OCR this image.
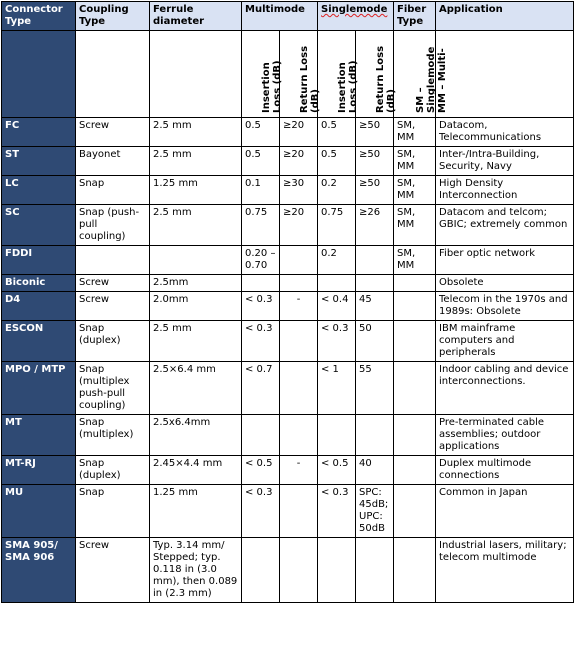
Connector Type	Coupling Type	Ferrule diameter	Multimode		Singlemode		Fiber Type	Application

			Insertion Loss (dB)	Return Loss (dB)	Insertion Loss (dB)	Return Loss (dB)	SM – Singlemode MM – Multi-	

FC	Screw	2.5 mm	0.5	≥20	0.5	≥50	SM, MM	Datacom, Telecommunications
ST	Bayonet	2.5 mm	0.5	≥20	0.5	≥50	SM, MM	Inter-/Intra-Building, Security, Navy
LC	Snap	1.25 mm	0.1	≥30	0.2	≥50	SM, MM	High Density Interconnection
SC	Snap (push-pull coupling)	2.5 mm	0.75	≥20	0.75	≥26	SM, MM	Datacom and telcom; GBIC; extremely common
FDDI			0.20 – 0.70		0.2		SM, MM	Fiber optic network
Biconic	Screw	2.5mm						Obsolete
D4	Screw	2.0mm	< 0.3	-	< 0.4	45		Telecom in the 1970s and 1989s: Obsolete
ESCON	Snap (duplex)	2.5 mm	< 0.3		< 0.3	50		IBM mainframe computers and peripherals
MPO / MTP	Snap (multiplex push-pull coupling)	2.5×6.4 mm	< 0.7		< 1	55		Indoor cabling and device interconnections.
MT	Snap (multiplex)	2.5x6.4mm						Pre-terminated cable assemblies; outdoor applications
MT-RJ	Snap (duplex)	2.45×4.4 mm	< 0.5	-	< 0.5	40		Duplex multimode connections
MU	Snap	1.25 mm	< 0.3		< 0.3	SPC: 45dB; UPC: 50dB		Common in Japan
SMA 905/ SMA 906	Screw	Typ. 3.14 mm/ Stepped; typ. 0.118 in (3.0 mm), then 0.089 in (2.3 mm)						Industrial lasers, military; telecom multimode
